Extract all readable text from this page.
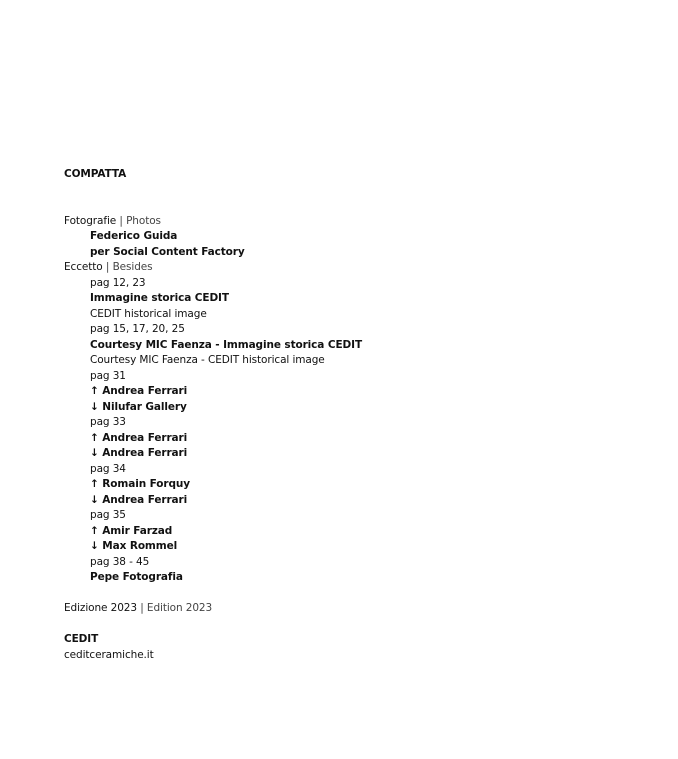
COMPATTA
Fotografie | Photos
Federico Guida
per Social Content Factory
Eccetto | Besides
pag 12, 23
Immagine storica CEDIT
CEDIT historical image
pag 15, 17, 20, 25
Courtesy MIC Faenza - Immagine storica CEDIT
Courtesy MIC Faenza - CEDIT historical image
pag 31
↑ Andrea Ferrari
↓ Nilufar Gallery
pag 33
↑ Andrea Ferrari
↓ Andrea Ferrari
pag 34
↑ Romain Forquy
↓ Andrea Ferrari
pag 35
↑ Amir Farzad
↓ Max Rommel
pag 38 - 45
Pepe Fotografia
Edizione 2023 | Edition 2023
CEDIT
ceditceramiche.it
